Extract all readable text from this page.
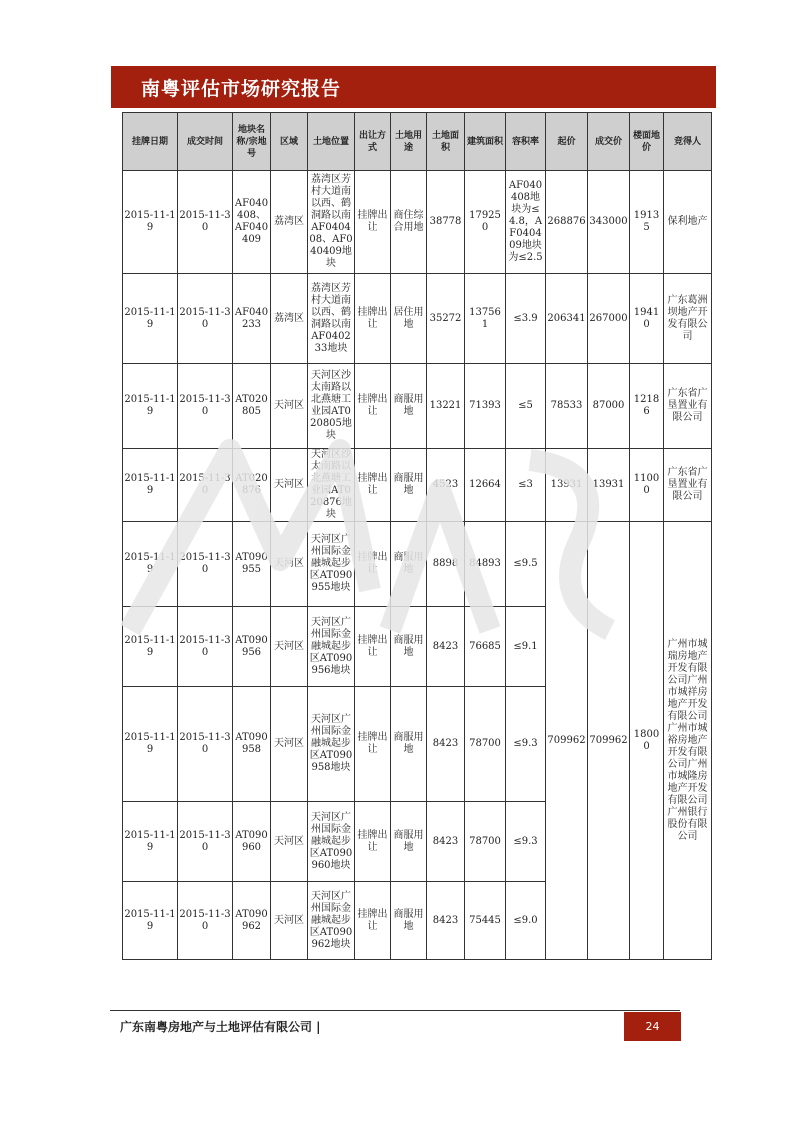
南粤评估市场研究报告
挂牌日期	成交时间	地块名称/宗地号	区域	土地位置	出让方式	土地用途	土地面积	建筑面积	容积率	起价	成交价	楼面地价	竞得人
2015-11-19	2015-11-30	AF040408、AF040409	荔湾区	荔湾区芳村大道南以西、鹤洞路以南AF040408、AF040409地块	挂牌出让	商住综合用地	38778	179250	AF040408地块为≤4.8，AF040409地块为≤2.5	268876	343000	19135	保利地产
2015-11-19	2015-11-30	AF040233	荔湾区	荔湾区芳村大道南以西、鹤洞路以南AF040233地块	挂牌出让	居住用地	35272	137561	≤3.9	206341	267000	19410	广东葛洲坝地产开发有限公司
2015-11-19	2015-11-30	AT020805	天河区	天河区沙太南路以北燕塘工业园AT020805地块	挂牌出让	商服用地	13221	71393	≤5	78533	87000	12186	广东省广垦置业有限公司
2015-11-19	2015-11-30	AT020876	天河区	天河区沙太南路以北燕塘工业园AT020876地块	挂牌出让	商服用地	4523	12664	≤3	13931	13931	11000	广东省广垦置业有限公司
2015-11-19	2015-11-30	AT090955	天河区	天河区广州国际金融城起步区AT090955地块	挂牌出让	商服用地	8898	84893	≤9.5	709962	709962	18000	广州市城瑞房地产开发有限公司广州市城祥房地产开发有限公司广州市城裕房地产开发有限公司广州市城隆房地产开发有限公司广州银行股份有限公司
2015-11-19	2015-11-30	AT090956	天河区	天河区广州国际金融城起步区AT090956地块	挂牌出让	商服用地	8423	76685	≤9.1				
2015-11-19	2015-11-30	AT090958	天河区	天河区广州国际金融城起步区AT090958地块	挂牌出让	商服用地	8423	78700	≤9.3				
2015-11-19	2015-11-30	AT090960	天河区	天河区广州国际金融城起步区AT090960地块	挂牌出让	商服用地	8423	78700	≤9.3				
2015-11-19	2015-11-30	AT090962	天河区	天河区广州国际金融城起步区AT090962地块	挂牌出让	商服用地	8423	75445	≤9.0				
广东南粤房地产与土地评估有限公司 |	24
